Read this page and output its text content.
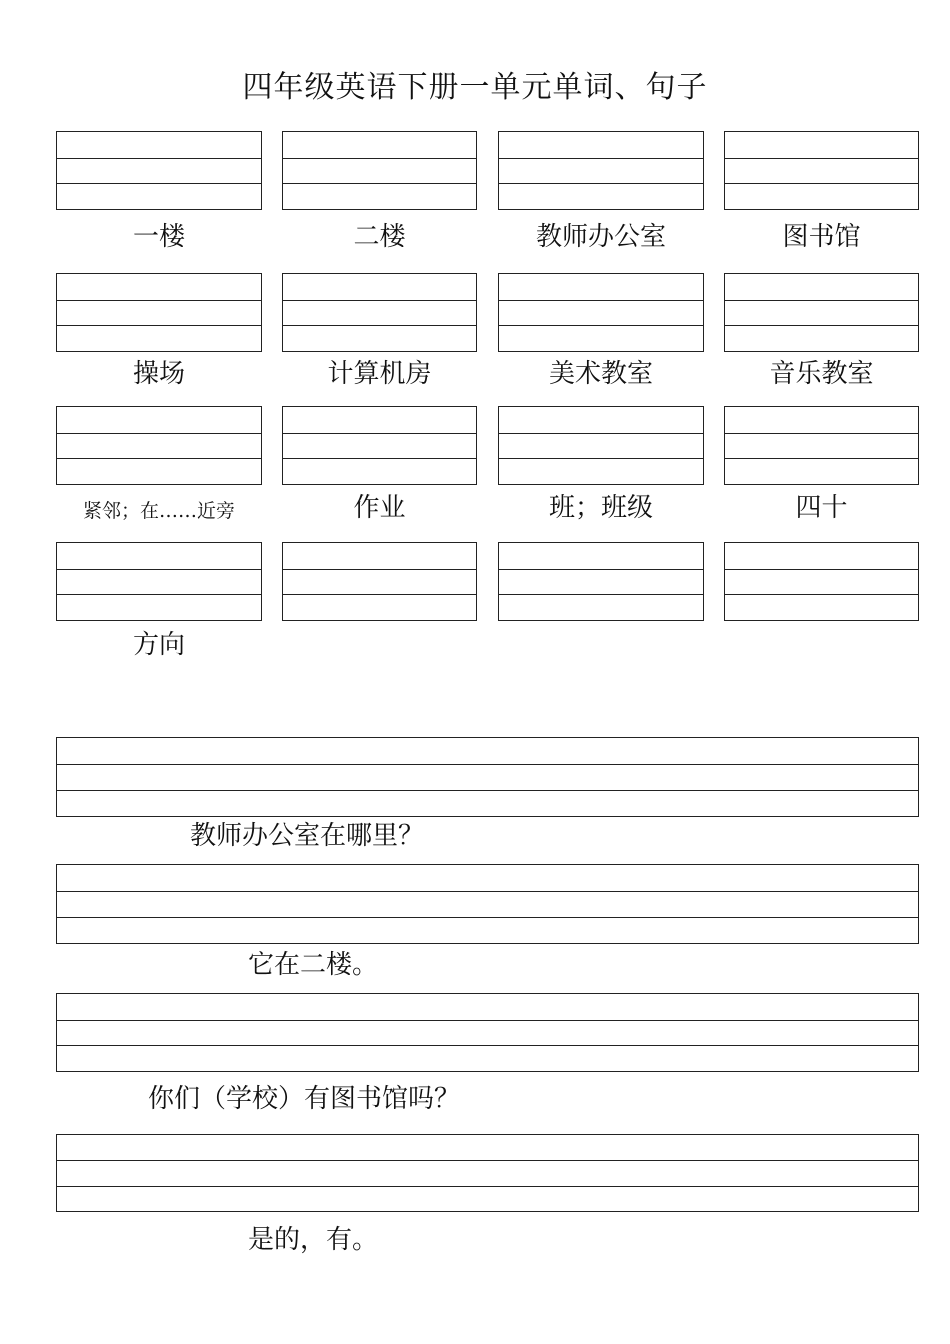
四年级英语下册一单元单词、句子
一楼	二楼	教师办公室	图书馆
操场	计算机房	美术教室	音乐教室
紧邻；在……近旁	作业	班；班级	四十
方向
教师办公室在哪里？
它在二楼。
你们（学校）有图书馆吗？
是的，有。
